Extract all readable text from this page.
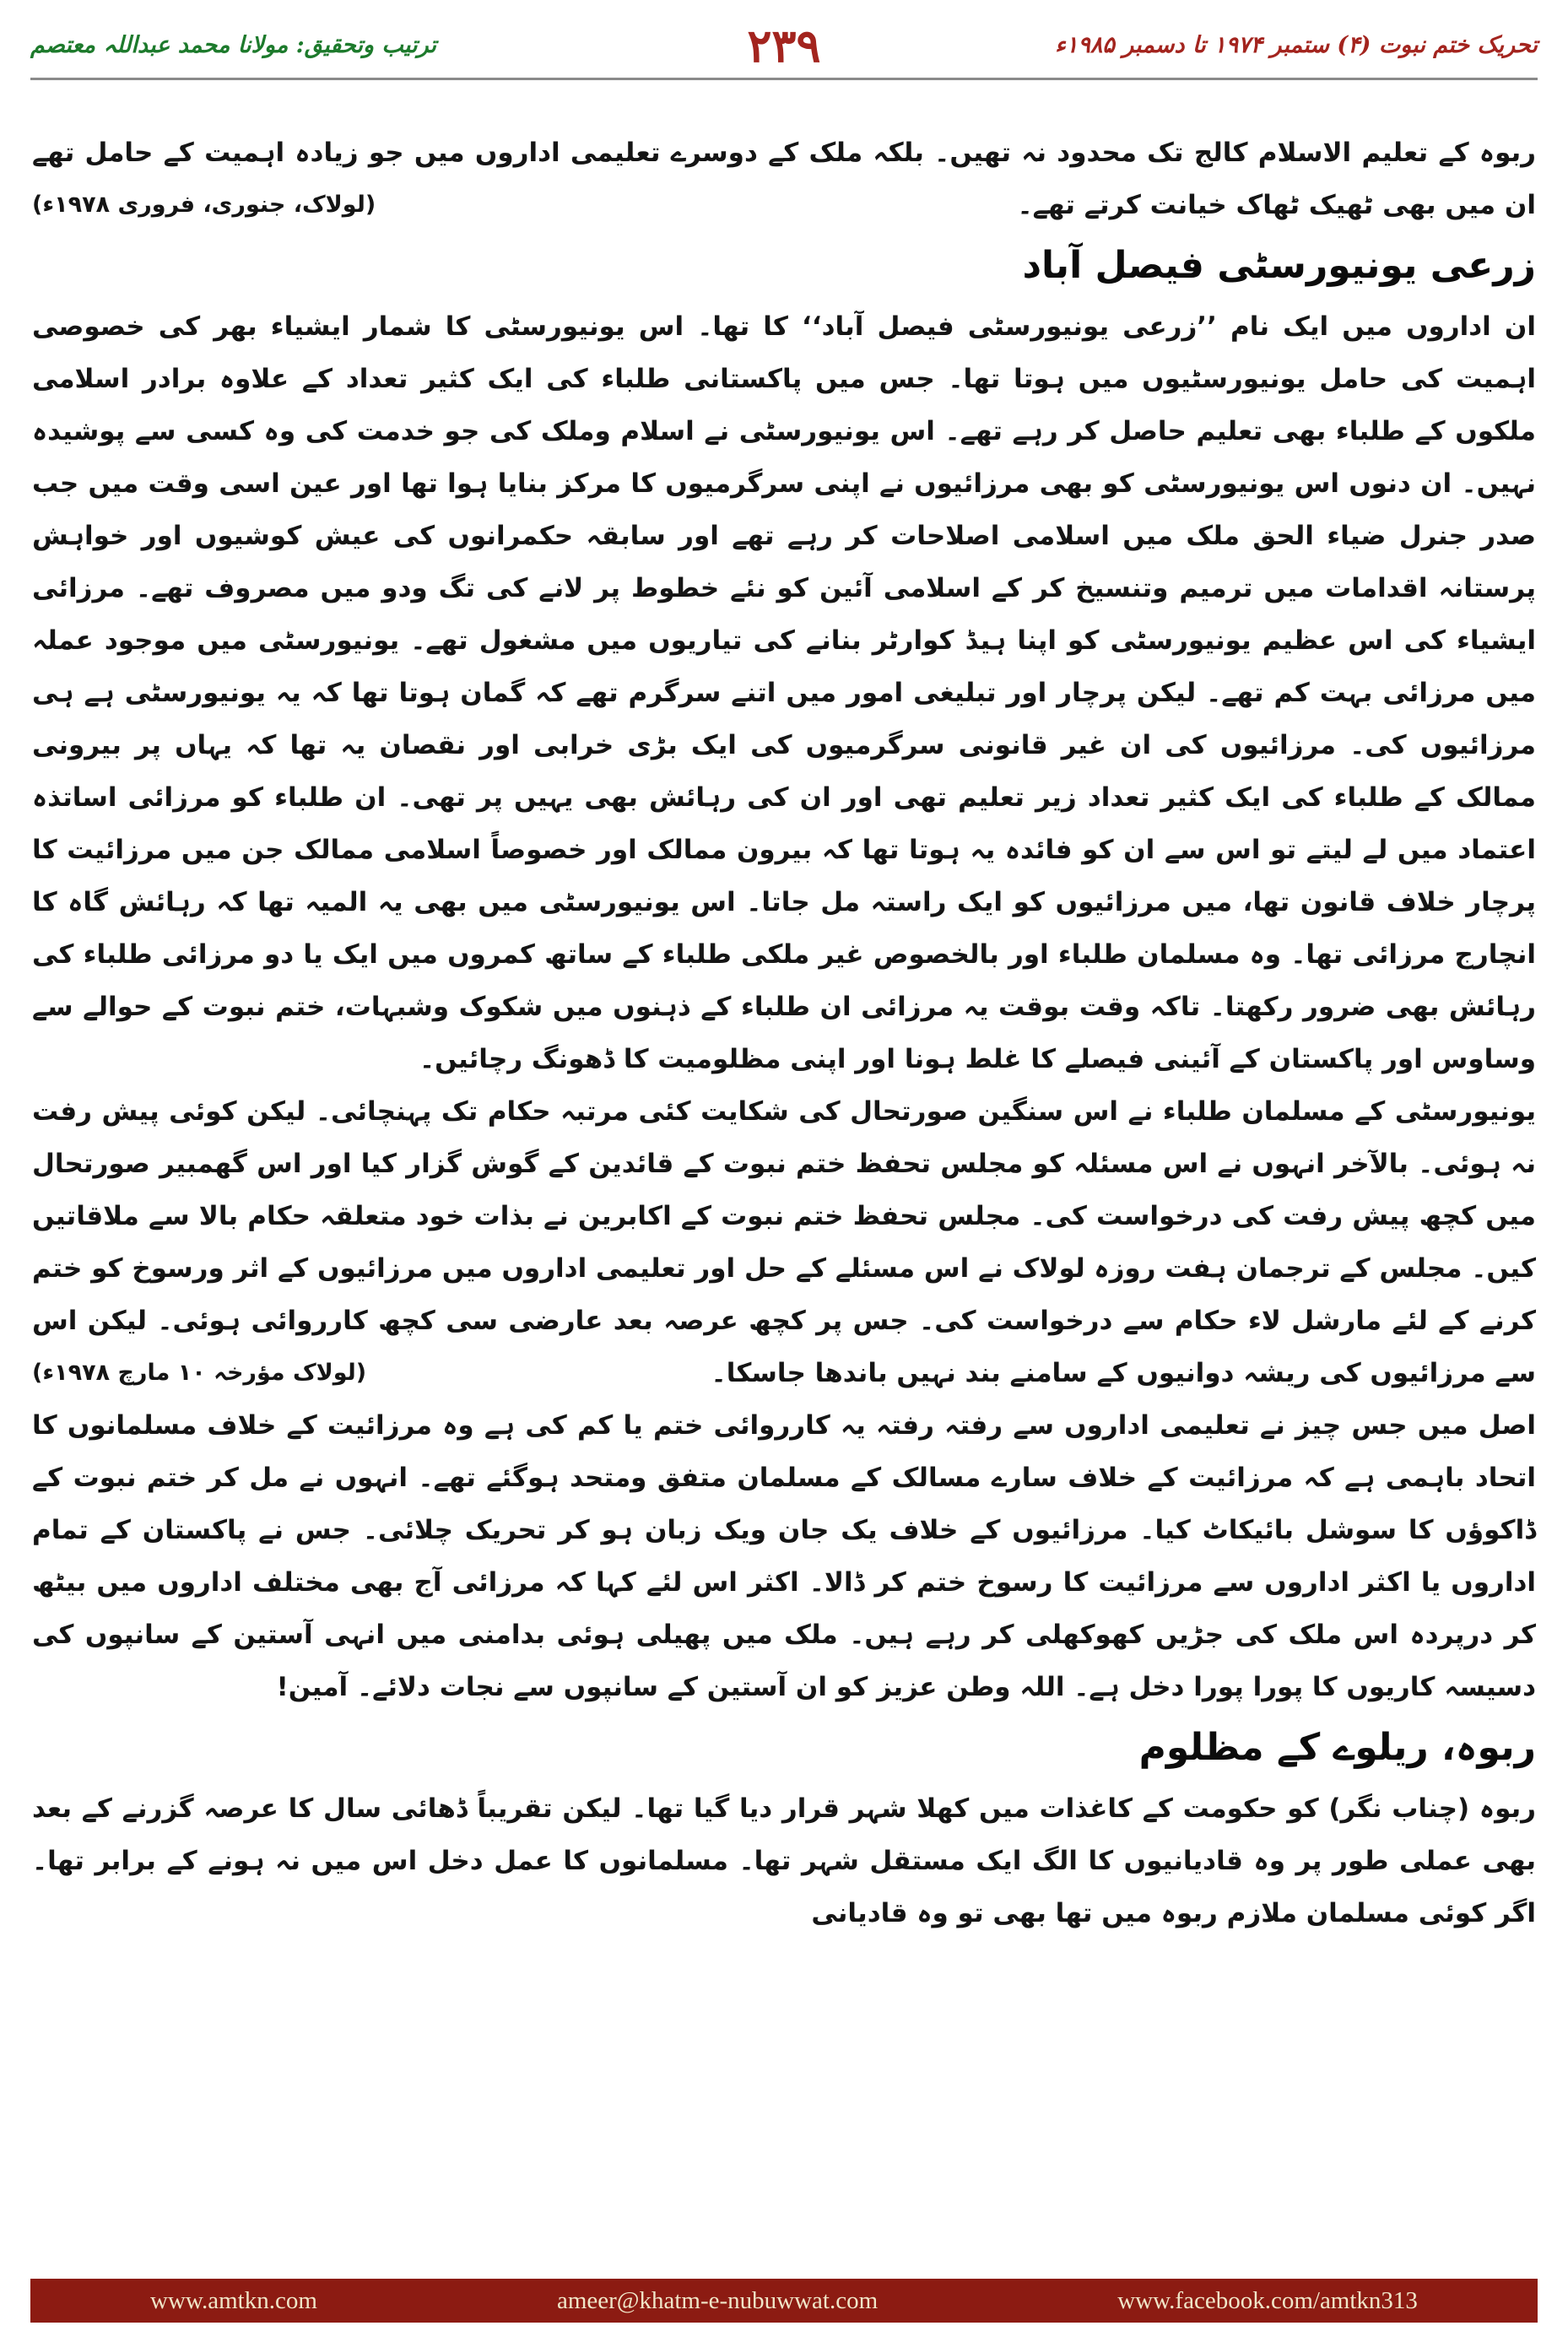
تحریک ختم نبوت (۴) ستمبر ۱۹۷۴ تا دسمبر ۱۹۸۵ء
۲۳۹
ترتیب وتحقیق: مولانا محمد عبداللہ معتصم

ربوہ کے تعلیم الاسلام کالج تک محدود نہ تھیں۔ بلکہ ملک کے دوسرے تعلیمی اداروں میں جو زیادہ اہمیت کے حامل تھے ان میں بھی ٹھیک ٹھاک خیانت کرتے تھے۔

(لولاک، جنوری، فروری ۱۹۷۸ء)
زرعی یونیورسٹی فیصل آباد

ان اداروں میں ایک نام ’’زرعی یونیورسٹی فیصل آباد‘‘ کا تھا۔ اس یونیورسٹی کا شمار ایشیاء بھر کی خصوصی اہمیت کی حامل یونیورسٹیوں میں ہوتا تھا۔ جس میں پاکستانی طلباء کی ایک کثیر تعداد کے علاوہ برادر اسلامی ملکوں کے طلباء بھی تعلیم حاصل کر رہے تھے۔ اس یونیورسٹی نے اسلام وملک کی جو خدمت کی وہ کسی سے پوشیدہ نہیں۔ ان دنوں اس یونیورسٹی کو بھی مرزائیوں نے اپنی سرگرمیوں کا مرکز بنایا ہوا تھا اور عین اسی وقت میں جب صدر جنرل ضیاء الحق ملک میں اسلامی اصلاحات کر رہے تھے اور سابقہ حکمرانوں کی عیش کوشیوں اور خواہش پرستانہ اقدامات میں ترمیم وتنسیخ کر کے اسلامی آئین کو نئے خطوط پر لانے کی تگ ودو میں مصروف تھے۔ مرزائی ایشیاء کی اس عظیم یونیورسٹی کو اپنا ہیڈ کوارٹر بنانے کی تیاریوں میں مشغول تھے۔ یونیورسٹی میں موجود عملہ میں مرزائی بہت کم تھے۔ لیکن پرچار اور تبلیغی امور میں اتنے سرگرم تھے کہ گمان ہوتا تھا کہ یہ یونیورسٹی ہے ہی مرزائیوں کی۔ مرزائیوں کی ان غیر قانونی سرگرمیوں کی ایک بڑی خرابی اور نقصان یہ تھا کہ یہاں پر بیرونی ممالک کے طلباء کی ایک کثیر تعداد زیر تعلیم تھی اور ان کی رہائش بھی یہیں پر تھی۔ ان طلباء کو مرزائی اساتذہ اعتماد میں لے لیتے تو اس سے ان کو فائدہ یہ ہوتا تھا کہ بیرون ممالک اور خصوصاً اسلامی ممالک جن میں مرزائیت کا پرچار خلاف قانون تھا، میں مرزائیوں کو ایک راستہ مل جاتا۔ اس یونیورسٹی میں بھی یہ المیہ تھا کہ رہائش گاہ کا انچارج مرزائی تھا۔ وہ مسلمان طلباء اور بالخصوص غیر ملکی طلباء کے ساتھ کمروں میں ایک یا دو مرزائی طلباء کی رہائش بھی ضرور رکھتا۔ تاکہ وقت بوقت یہ مرزائی ان طلباء کے ذہنوں میں شکوک وشبہات، ختم نبوت کے حوالے سے وساوس اور پاکستان کے آئینی فیصلے کا غلط ہونا اور اپنی مظلومیت کا ڈھونگ رچائیں۔

یونیورسٹی کے مسلمان طلباء نے اس سنگین صورتحال کی شکایت کئی مرتبہ حکام تک پہنچائی۔ لیکن کوئی پیش رفت نہ ہوئی۔ بالآخر انہوں نے اس مسئلہ کو مجلس تحفظ ختم نبوت کے قائدین کے گوش گزار کیا اور اس گھمبیر صورتحال میں کچھ پیش رفت کی درخواست کی۔ مجلس تحفظ ختم نبوت کے اکابرین نے بذات خود متعلقہ حکام بالا سے ملاقاتیں کیں۔ مجلس کے ترجمان ہفت روزہ لولاک نے اس مسئلے کے حل اور تعلیمی اداروں میں مرزائیوں کے اثر ورسوخ کو ختم کرنے کے لئے مارشل لاء حکام سے درخواست کی۔ جس پر کچھ عرصہ بعد عارضی سی کچھ کارروائی ہوئی۔ لیکن اس سے مرزائیوں کی ریشہ دوانیوں کے سامنے بند نہیں باندھا جاسکا۔

(لولاک مؤرخہ ۱۰ مارچ ۱۹۷۸ء)

اصل میں جس چیز نے تعلیمی اداروں سے رفتہ رفتہ یہ کارروائی ختم یا کم کی ہے وہ مرزائیت کے خلاف مسلمانوں کا اتحاد باہمی ہے کہ مرزائیت کے خلاف سارے مسالک کے مسلمان متفق ومتحد ہوگئے تھے۔ انہوں نے مل کر ختم نبوت کے ڈاکوؤں کا سوشل بائیکاٹ کیا۔ مرزائیوں کے خلاف یک جان ویک زبان ہو کر تحریک چلائی۔ جس نے پاکستان کے تمام اداروں یا اکثر اداروں سے مرزائیت کا رسوخ ختم کر ڈالا۔ اکثر اس لئے کہا کہ مرزائی آج بھی مختلف اداروں میں بیٹھ کر درپردہ اس ملک کی جڑیں کھوکھلی کر رہے ہیں۔ ملک میں پھیلی ہوئی بدامنی میں انہی آستین کے سانپوں کی دسیسہ کاریوں کا پورا پورا دخل ہے۔ اللہ وطن عزیز کو ان آستین کے سانپوں سے نجات دلائے۔ آمین!

ربوہ، ریلوے کے مظلوم

ربوہ (چناب نگر) کو حکومت کے کاغذات میں کھلا شہر قرار دیا گیا تھا۔ لیکن تقریباً ڈھائی سال کا عرصہ گزرنے کے بعد بھی عملی طور پر وہ قادیانیوں کا الگ ایک مستقل شہر تھا۔ مسلمانوں کا عمل دخل اس میں نہ ہونے کے برابر تھا۔ اگر کوئی مسلمان ملازم ربوہ میں تھا بھی تو وہ قادیانی

www.amtkn.com	ameer@khatm-e-nubuwwat.com	www.facebook.com/amtkn313
